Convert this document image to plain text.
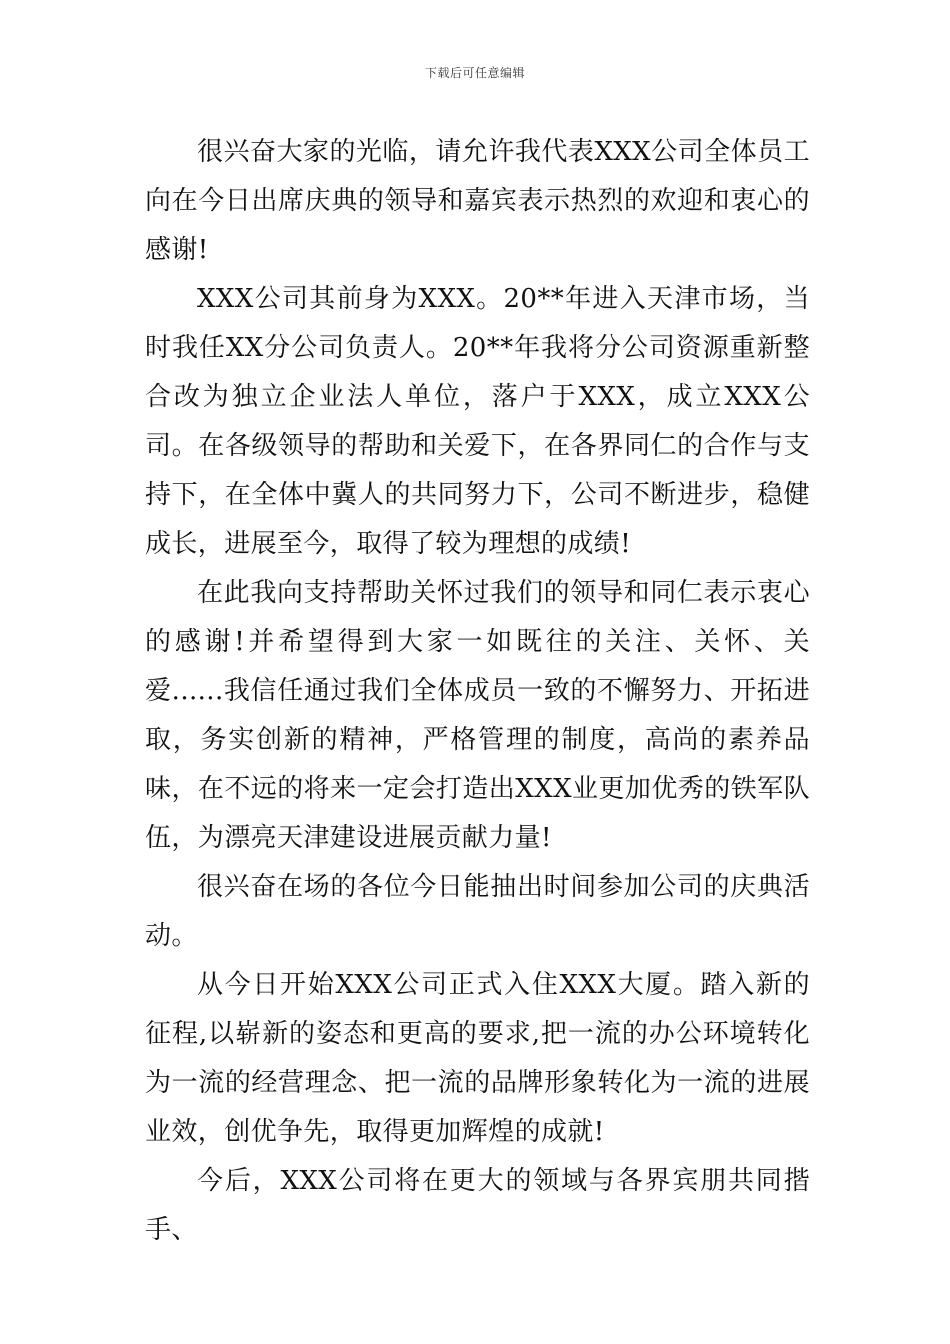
下载后可任意编辑

很兴奋大家的光临，请允许我代表XXX公司全体员工向在今日出席庆典的领导和嘉宾表示热烈的欢迎和衷心的感谢!

XXX公司其前身为XXX。20**年进入天津市场，当时我任XX分公司负责人。20**年我将分公司资源重新整合改为独立企业法人单位，落户于XXX，成立XXX公司。在各级领导的帮助和关爱下，在各界同仁的合作与支持下，在全体中冀人的共同努力下，公司不断进步，稳健成长，进展至今，取得了较为理想的成绩!

在此我向支持帮助关怀过我们的领导和同仁表示衷心的感谢!并希望得到大家一如既往的关注、关怀、关爱......我信任通过我们全体成员一致的不懈努力、开拓进取，务实创新的精神，严格管理的制度，高尚的素养品味，在不远的将来一定会打造出XXX业更加优秀的铁军队伍，为漂亮天津建设进展贡献力量!

很兴奋在场的各位今日能抽出时间参加公司的庆典活动。

从今日开始XXX公司正式入住XXX大厦。踏入新的征程,以崭新的姿态和更高的要求,把一流的办公环境转化为一流的经营理念、把一流的品牌形象转化为一流的进展业效，创优争先，取得更加辉煌的成就!

今后，XXX公司将在更大的领域与各界宾朋共同揩手、
